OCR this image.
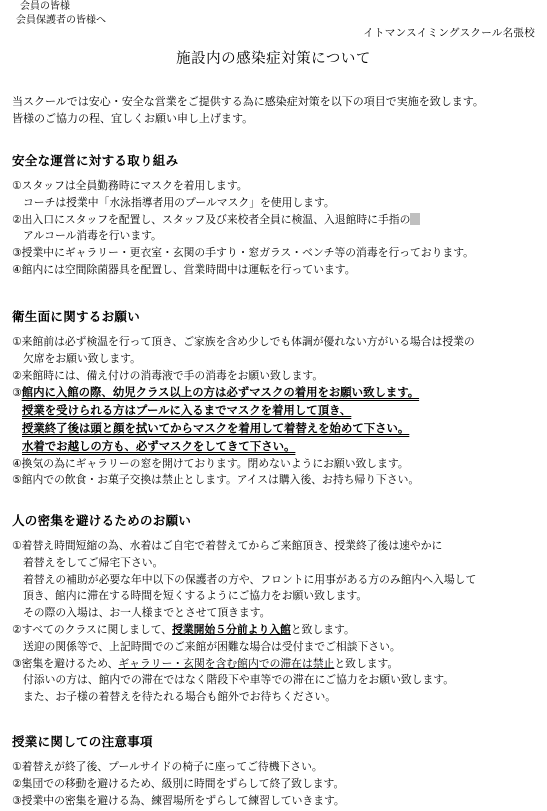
会員の皆様
会員保護者の皆様へ
イトマンスイミングスクール名張校
施設内の感染症対策について
当スクールでは安心・安全な営業をご提供する為に感染症対策を以下の項目で実施を致します。
皆様のご協力の程、宜しくお願い申し上げます。
安全な運営に対する取り組み
①スタッフは全員勤務時にマスクを着用します。
コーチは授業中「水泳指導者用のプールマスク」を使用します。
②出入口にスタッフを配置し、スタッフ及び来校者全員に検温、入退館時に手指の
アルコール消毒を行います。
③授業中にギャラリー・更衣室・玄関の手すり・窓ガラス・ベンチ等の消毒を行っております。
④館内には空間除菌器具を配置し、営業時間中は運転を行っています。
衛生面に関するお願い
①来館前は必ず検温を行って頂き、ご家族を含め少しでも体調が優れない方がいる場合は授業の
欠席をお願い致します。
②来館時には、備え付けの消毒液で手の消毒をお願い致します。
③館内に入館の際、幼児クラス以上の方は必ずマスクの着用をお願い致します。
授業を受けられる方はプールに入るまでマスクを着用して頂き、
授業終了後は頭と顔を拭いてからマスクを着用して着替えを始めて下さい。
水着でお越しの方も、必ずマスクをしてきて下さい。
④換気の為にギャラリーの窓を開けております。閉めないようにお願い致します。
⑤館内での飲食・お菓子交換は禁止とします。アイスは購入後、お持ち帰り下さい。
人の密集を避けるためのお願い
①着替え時間短縮の為、水着はご自宅で着替えてからご来館頂き、授業終了後は速やかに
着替えをしてご帰宅下さい。
着替えの補助が必要な年中以下の保護者の方や、フロントに用事がある方のみ館内へ入場して
頂き、館内に滞在する時間を短くするようにご協力をお願い致します。
その際の入場は、お一人様までとさせて頂きます。
②すべてのクラスに関しまして、授業開始５分前より入館と致します。
送迎の関係等で、上記時間でのご来館が困難な場合は受付までご相談下さい。
③密集を避けるため、ギャラリー・玄関を含む館内での滞在は禁止と致します。
付添いの方は、館内での滞在ではなく階段下や車等での滞在にご協力をお願い致します。
また、お子様の着替えを待たれる場合も館外でお待ちください。
授業に関しての注意事項
①着替えが終了後、プールサイドの椅子に座ってご待機下さい。
②集団での移動を避けるため、級別に時間をずらして終了致します。
③授業中の密集を避ける為、練習場所をずらして練習していきます。
